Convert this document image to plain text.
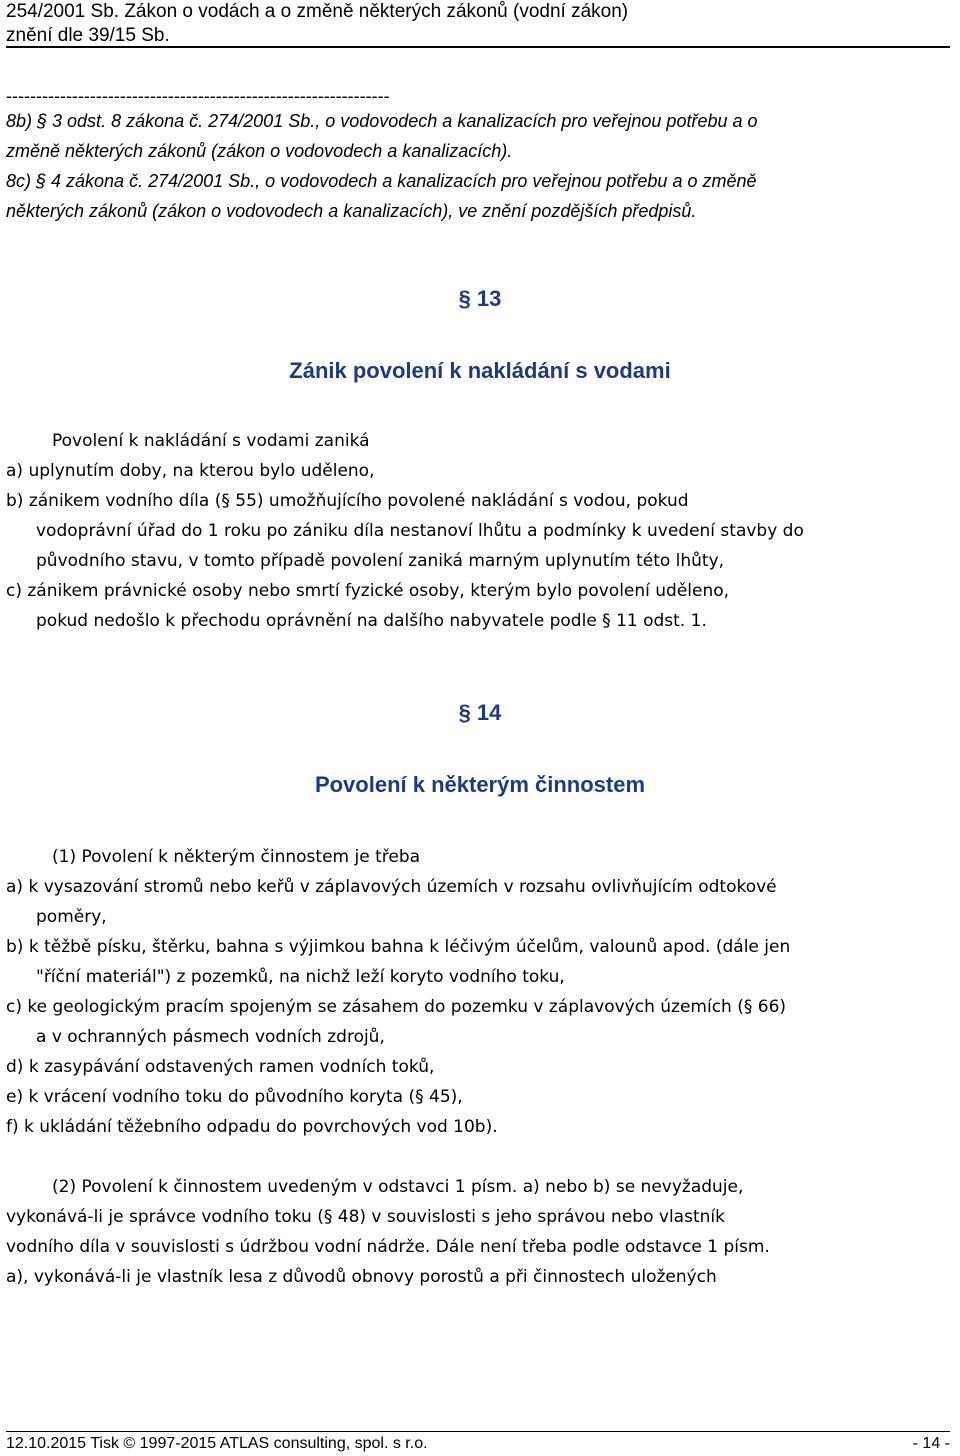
254/2001 Sb. Zákon o vodách a o změně některých zákonů (vodní zákon)
znění dle 39/15 Sb.
----------------------------------------------------------------
8b) § 3 odst. 8 zákona č. 274/2001 Sb., o vodovodech a kanalizacích pro veřejnou potřebu a o
změně některých zákonů (zákon o vodovodech a kanalizacích).
8c) § 4 zákona č. 274/2001 Sb., o vodovodech a kanalizacích pro veřejnou potřebu a o změně
některých zákonů (zákon o vodovodech a kanalizacích), ve znění pozdějších předpisů.
§ 13
Zánik povolení k nakládání s vodami
Povolení k nakládání s vodami zaniká
a) uplynutím doby, na kterou bylo uděleno,
b) zánikem vodního díla (§ 55) umožňujícího povolené nakládání s vodou, pokud
vodoprávní úřad do 1 roku po zániku díla nestanoví lhůtu a podmínky k uvedení stavby do
původního stavu, v tomto případě povolení zaniká marným uplynutím této lhůty,
c) zánikem právnické osoby nebo smrtí fyzické osoby, kterým bylo povolení uděleno,
pokud nedošlo k přechodu oprávnění na dalšího nabyvatele podle § 11 odst. 1.
§ 14
Povolení k některým činnostem
(1) Povolení k některým činnostem je třeba
a) k vysazování stromů nebo keřů v záplavových územích v rozsahu ovlivňujícím odtokové
poměry,
b) k těžbě písku, štěrku, bahna s výjimkou bahna k léčivým účelům, valounů apod. (dále jen
"říční materiál") z pozemků, na nichž leží koryto vodního toku,
c) ke geologickým pracím spojeným se zásahem do pozemku v záplavových územích (§ 66)
a v ochranných pásmech vodních zdrojů,
d) k zasypávání odstavených ramen vodních toků,
e) k vrácení vodního toku do původního koryta (§ 45),
f) k ukládání těžebního odpadu do povrchových vod 10b).
(2) Povolení k činnostem uvedeným v odstavci 1 písm. a) nebo b) se nevyžaduje,
vykonává-li je správce vodního toku (§ 48) v souvislosti s jeho správou nebo vlastník
vodního díla v souvislosti s údržbou vodní nádrže. Dále není třeba podle odstavce 1 písm.
a), vykonává-li je vlastník lesa z důvodů obnovy porostů a při činnostech uložených
12.10.2015 Tisk © 1997-2015 ATLAS consulting, spol. s r.o.	- 14 -
